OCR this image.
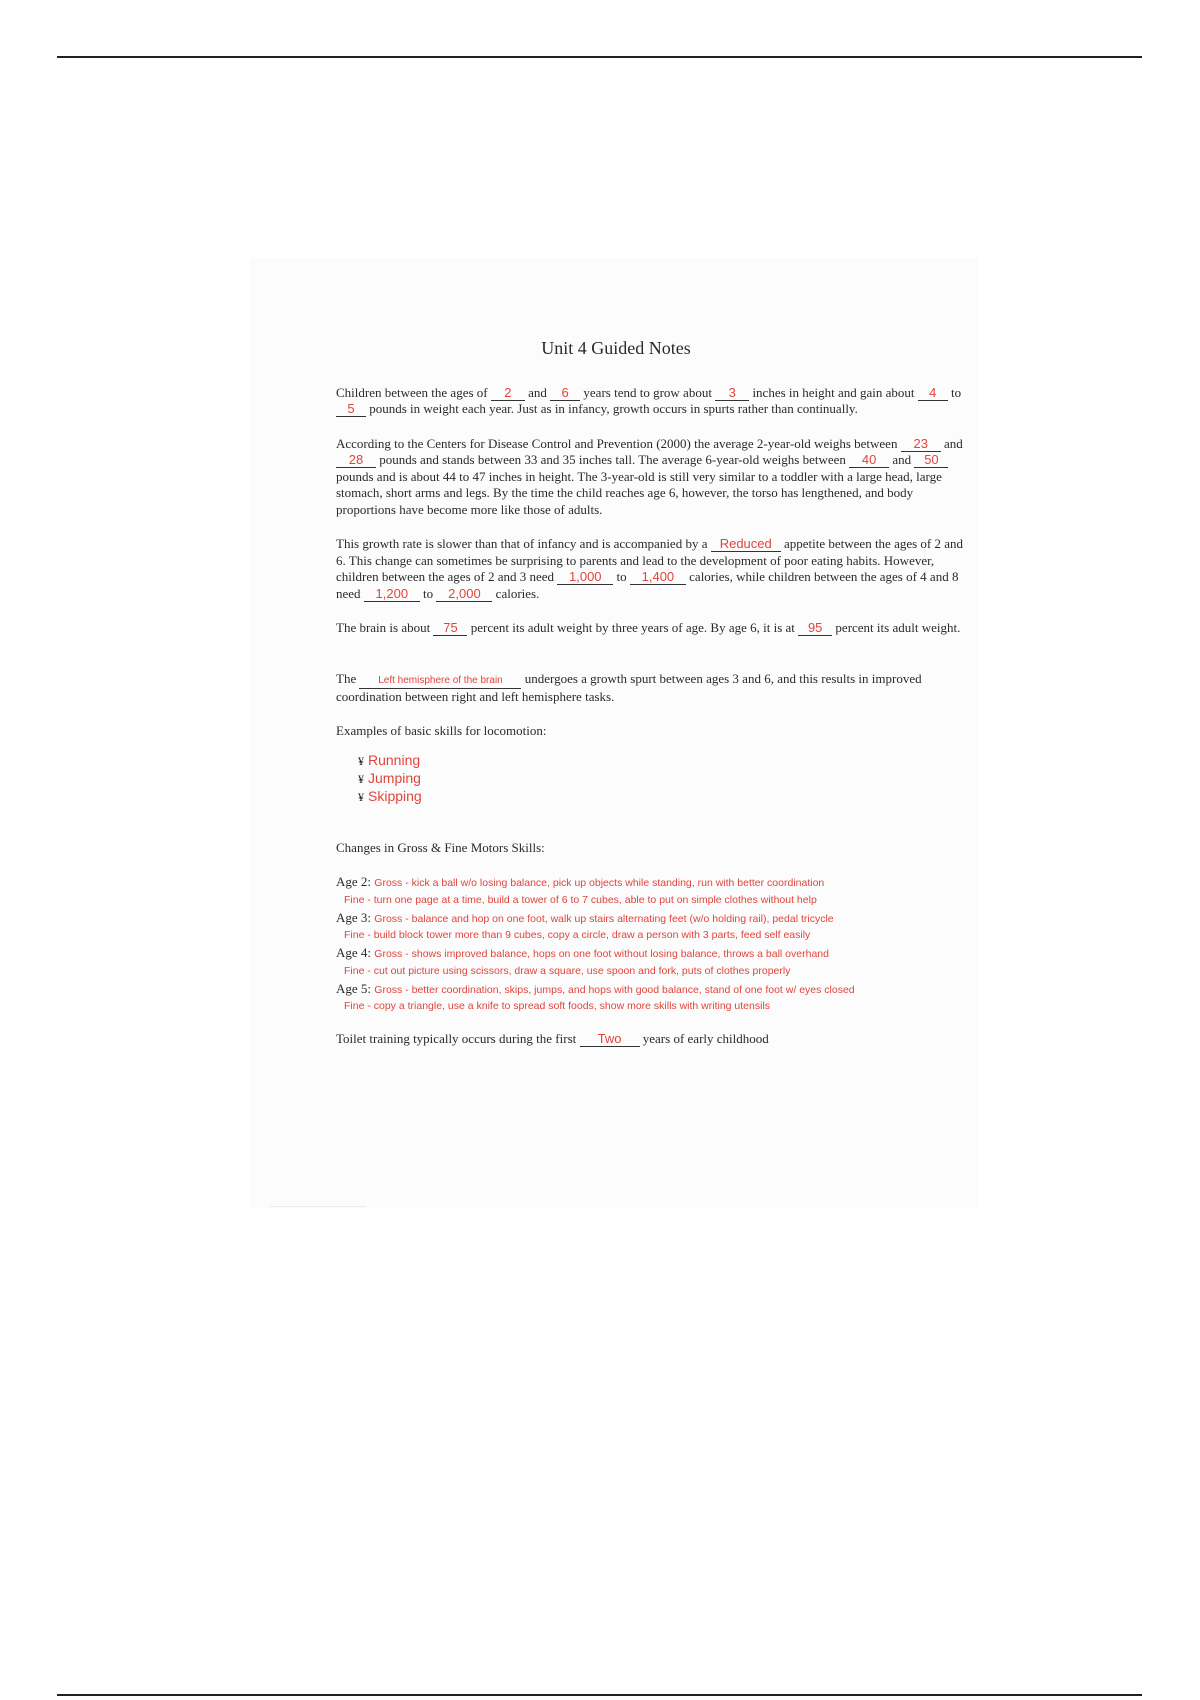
Unit 4 Guided Notes

Children between the ages of 2 and 6 years tend to grow about 3 inches in height and gain about 4 to 5 pounds in weight each year. Just as in infancy, growth occurs in spurts rather than continually.

According to the Centers for Disease Control and Prevention (2000) the average 2-year-old weighs between 23 and 28 pounds and stands between 33 and 35 inches tall. The average 6-year-old weighs between 40 and 50 pounds and is about 44 to 47 inches in height. The 3-year-old is still very similar to a toddler with a large head, large stomach, short arms and legs. By the time the child reaches age 6, however, the torso has lengthened, and body proportions have become more like those of adults.

This growth rate is slower than that of infancy and is accompanied by a Reduced appetite between the ages of 2 and 6. This change can sometimes be surprising to parents and lead to the development of poor eating habits. However, children between the ages of 2 and 3 need 1,000 to 1,400 calories, while children between the ages of 4 and 8 need 1,200 to 2,000 calories.

The brain is about 75 percent its adult weight by three years of age. By age 6, it is at 95 percent its adult weight.

The Left hemisphere of the brain undergoes a growth spurt between ages 3 and 6, and this results in improved coordination between right and left hemisphere tasks.

Examples of basic skills for locomotion:

¥ Running
¥ Jumping
¥ Skipping

Changes in Gross & Fine Motors Skills:

Age 2: Gross - kick a ball w/o losing balance, pick up objects while standing, run with better coordination
Fine - turn one page at a time, build a tower of 6 to 7 cubes, able to put on simple clothes without help
Age 3: Gross - balance and hop on one foot, walk up stairs alternating feet (w/o holding rail), pedal tricycle
Fine - build block tower more than 9 cubes, copy a circle, draw a person with 3 parts, feed self easily
Age 4: Gross - shows improved balance, hops on one foot without losing balance, throws a ball overhand
Fine - cut out picture using scissors, draw a square, use spoon and fork, puts of clothes properly
Age 5: Gross - better coordination, skips, jumps, and hops with good balance, stand of one foot w/ eyes closed
Fine - copy a triangle, use a knife to spread soft foods, show more skills with writing utensils

Toilet training typically occurs during the first Two years of early childhood
